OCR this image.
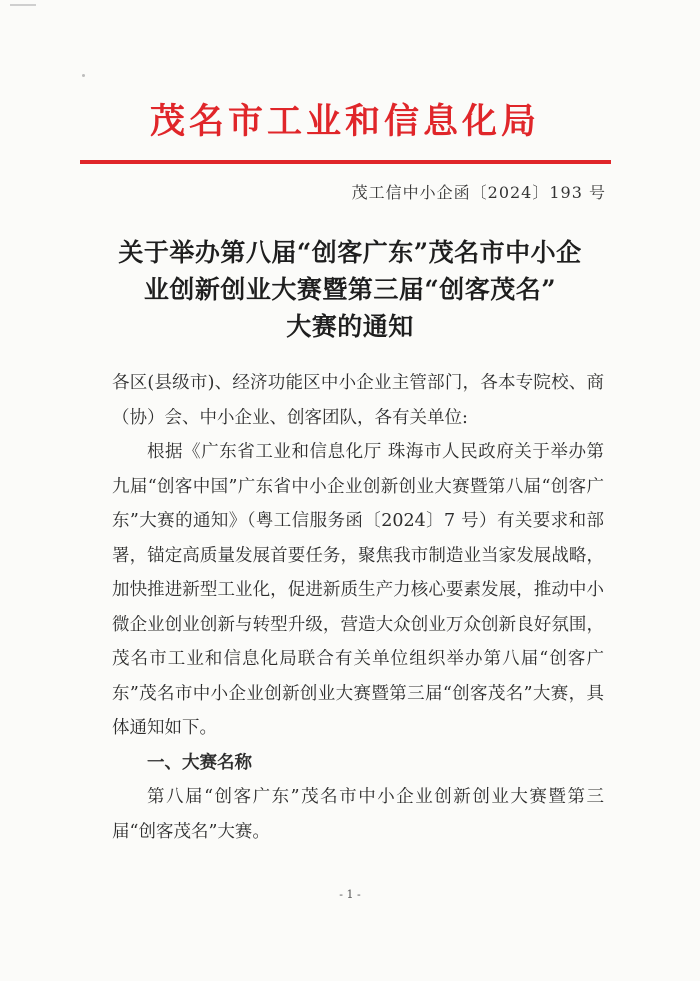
茂名市工业和信息化局
茂工信中小企函〔2024〕193 号
关于举办第八届“创客广东”茂名市中小企
业创新创业大赛暨第三届“创客茂名”
大赛的通知

各区(县级市)、经济功能区中小企业主管部门，各本专院校、商（协）会、中小企业、创客团队，各有关单位:

根据《广东省工业和信息化厅 珠海市人民政府关于举办第九届“创客中国”广东省中小企业创新创业大赛暨第八届“创客广东”大赛的通知》（粤工信服务函〔2024〕7 号）有关要求和部署，锚定高质量发展首要任务，聚焦我市制造业当家发展战略，加快推进新型工业化，促进新质生产力核心要素发展，推动中小微企业创业创新与转型升级，营造大众创业万众创新良好氛围，茂名市工业和信息化局联合有关单位组织举办第八届“创客广东”茂名市中小企业创新创业大赛暨第三届“创客茂名”大赛，具体通知如下。

一、大赛名称

第八届“创客广东”茂名市中小企业创新创业大赛暨第三届“创客茂名”大赛。

- 1 -
